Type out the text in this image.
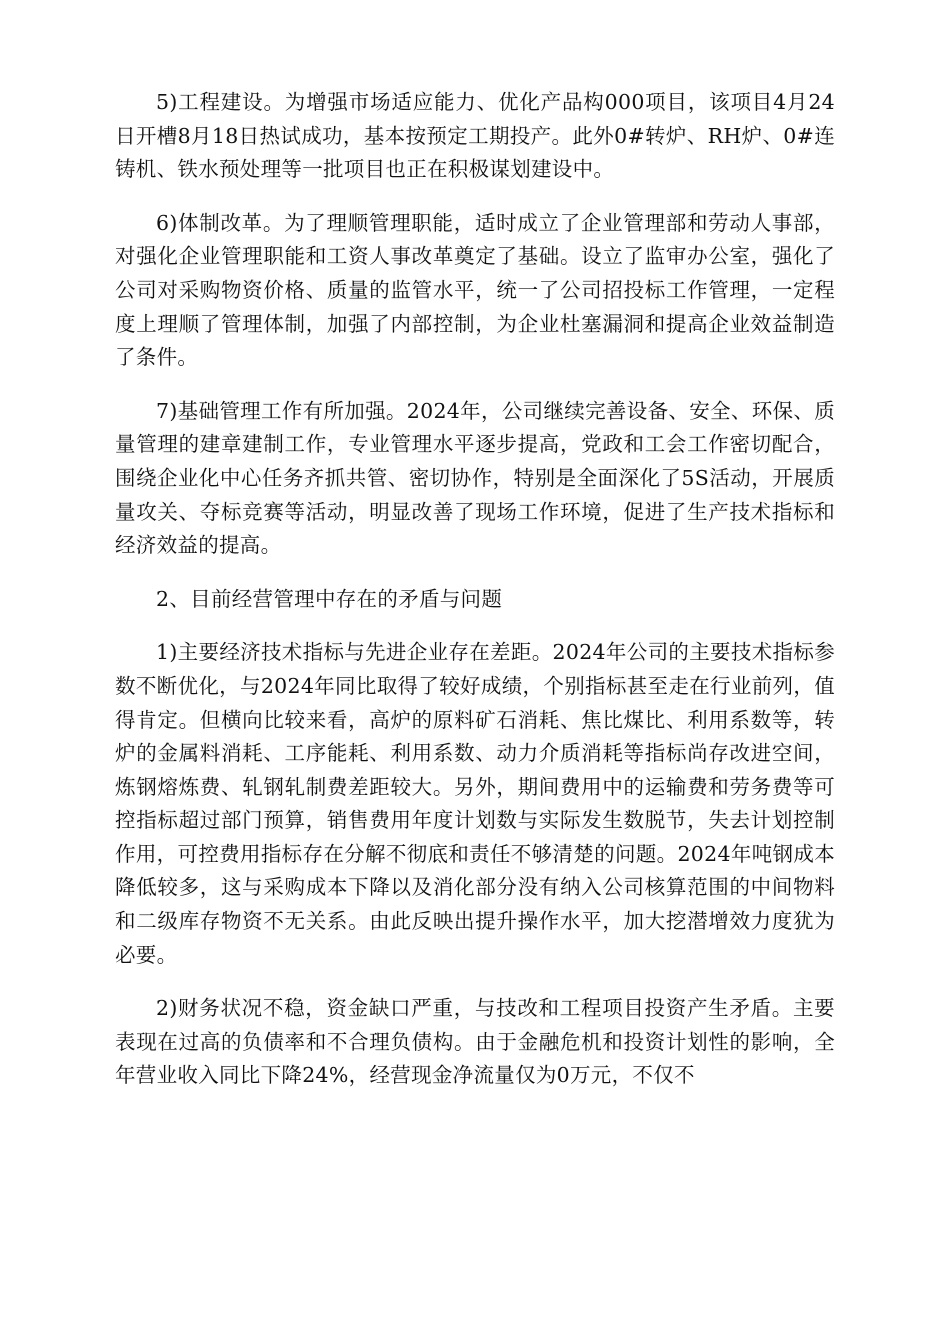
5)工程建设。为增强市场适应能力、优化产品构000项目，该项目4月24日开槽8月18日热试成功，基本按预定工期投产。此外0#转炉、RH炉、0#连铸机、铁水预处理等一批项目也正在积极谋划建设中。

6)体制改革。为了理顺管理职能，适时成立了企业管理部和劳动人事部，对强化企业管理职能和工资人事改革奠定了基础。设立了监审办公室，强化了公司对采购物资价格、质量的监管水平，统一了公司招投标工作管理，一定程度上理顺了管理体制，加强了内部控制，为企业杜塞漏洞和提高企业效益制造了条件。

7)基础管理工作有所加强。2024年，公司继续完善设备、安全、环保、质量管理的建章建制工作，专业管理水平逐步提高，党政和工会工作密切配合，围绕企业化中心任务齐抓共管、密切协作，特别是全面深化了5S活动，开展质量攻关、夺标竞赛等活动，明显改善了现场工作环境，促进了生产技术指标和经济效益的提高。

2、目前经营管理中存在的矛盾与问题

1)主要经济技术指标与先进企业存在差距。2024年公司的主要技术指标参数不断优化，与2024年同比取得了较好成绩，个别指标甚至走在行业前列，值得肯定。但横向比较来看，高炉的原料矿石消耗、焦比煤比、利用系数等，转炉的金属料消耗、工序能耗、利用系数、动力介质消耗等指标尚存改进空间，炼钢熔炼费、轧钢轧制费差距较大。另外，期间费用中的运输费和劳务费等可控指标超过部门预算，销售费用年度计划数与实际发生数脱节，失去计划控制作用，可控费用指标存在分解不彻底和责任不够清楚的问题。2024年吨钢成本降低较多，这与采购成本下降以及消化部分没有纳入公司核算范围的中间物料和二级库存物资不无关系。由此反映出提升操作水平，加大挖潜增效力度犹为必要。

2)财务状况不稳，资金缺口严重，与技改和工程项目投资产生矛盾。主要表现在过高的负债率和不合理负债构。由于金融危机和投资计划性的影响，全年营业收入同比下降24%，经营现金净流量仅为0万元，不仅不
